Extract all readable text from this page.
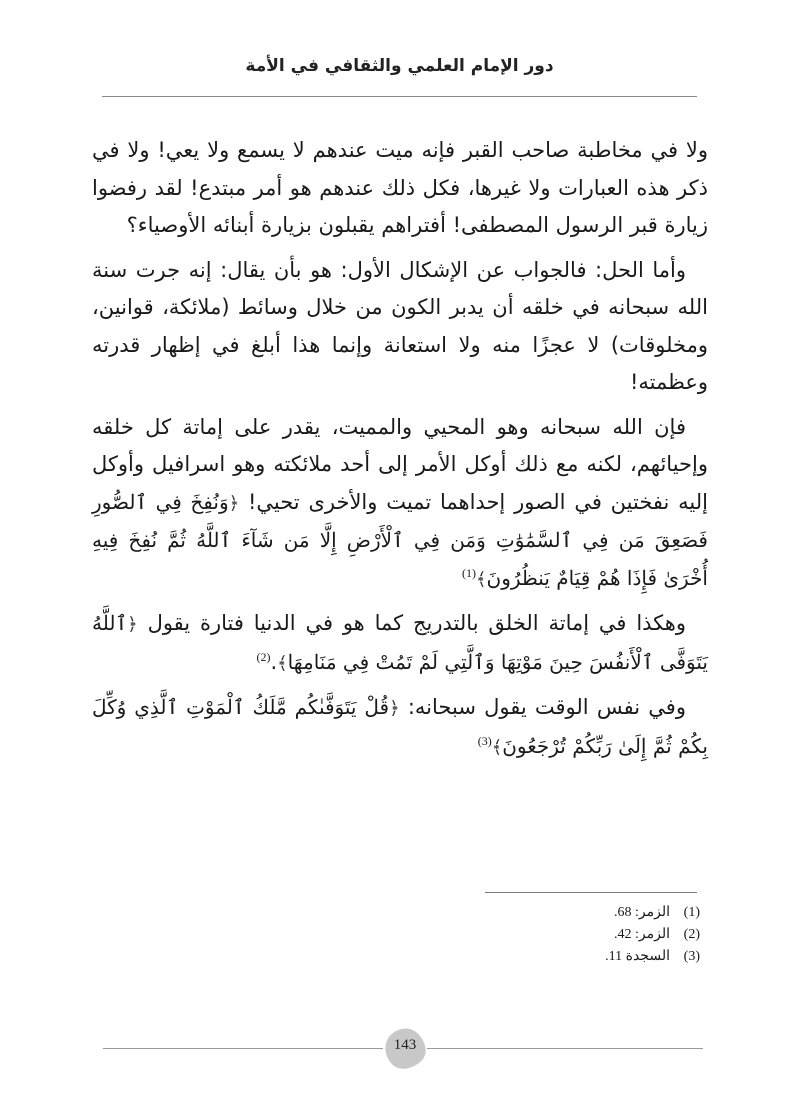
دور الإمام العلمي والثقافي في الأمة

ولا في مخاطبة صاحب القبر فإنه ميت عندهم لا يسمع ولا يعي! ولا في ذكر هذه العبارات ولا غيرها، فكل ذلك عندهم هو أمر مبتدع! لقد رفضوا زيارة قبر الرسول المصطفى! أفتراهم يقبلون بزيارة أبنائه الأوصياء؟

وأما الحل: فالجواب عن الإشكال الأول: هو بأن يقال: إنه جرت سنة الله سبحانه في خلقه أن يدبر الكون من خلال وسائط (ملائكة، قوانين، ومخلوقات) لا عجزًا منه ولا استعانة وإنما هذا أبلغ في إظهار قدرته وعظمته!

فإن الله سبحانه وهو المحيي والمميت، يقدر على إماتة كل خلقه وإحيائهم، لكنه مع ذلك أوكل الأمر إلى أحد ملائكته وهو اسرافيل وأوكل إليه نفختين في الصور إحداهما تميت والأخرى تحيي! ﴿وَنُفِخَ فِي ٱلصُّورِ فَصَعِقَ مَن فِي ٱلسَّمَٰوَٰتِ وَمَن فِي ٱلْأَرْضِ إِلَّا مَن شَآءَ ٱللَّهُ ثُمَّ نُفِخَ فِيهِ أُخْرَىٰ فَإِذَا هُمْ قِيَامٌ يَنظُرُونَ﴾$^{(1)}$

وهكذا في إماتة الخلق بالتدريج كما هو في الدنيا فتارة يقول ﴿ٱللَّهُ يَتَوَفَّى ٱلْأَنفُسَ حِينَ مَوْتِهَا وَٱلَّتِي لَمْ تَمُتْ فِي مَنَامِهَا﴾.$^{(2)}$

وفي نفس الوقت يقول سبحانه: ﴿قُلْ يَتَوَفَّىٰكُم مَّلَكُ ٱلْمَوْتِ ٱلَّذِي وُكِّلَ بِكُمْ ثُمَّ إِلَىٰ رَبِّكُمْ تُرْجَعُونَ﴾$^{(3)}$

(1)الزمر: 68.
(2)الزمر: 42.
(3)السجدة 11.
143
